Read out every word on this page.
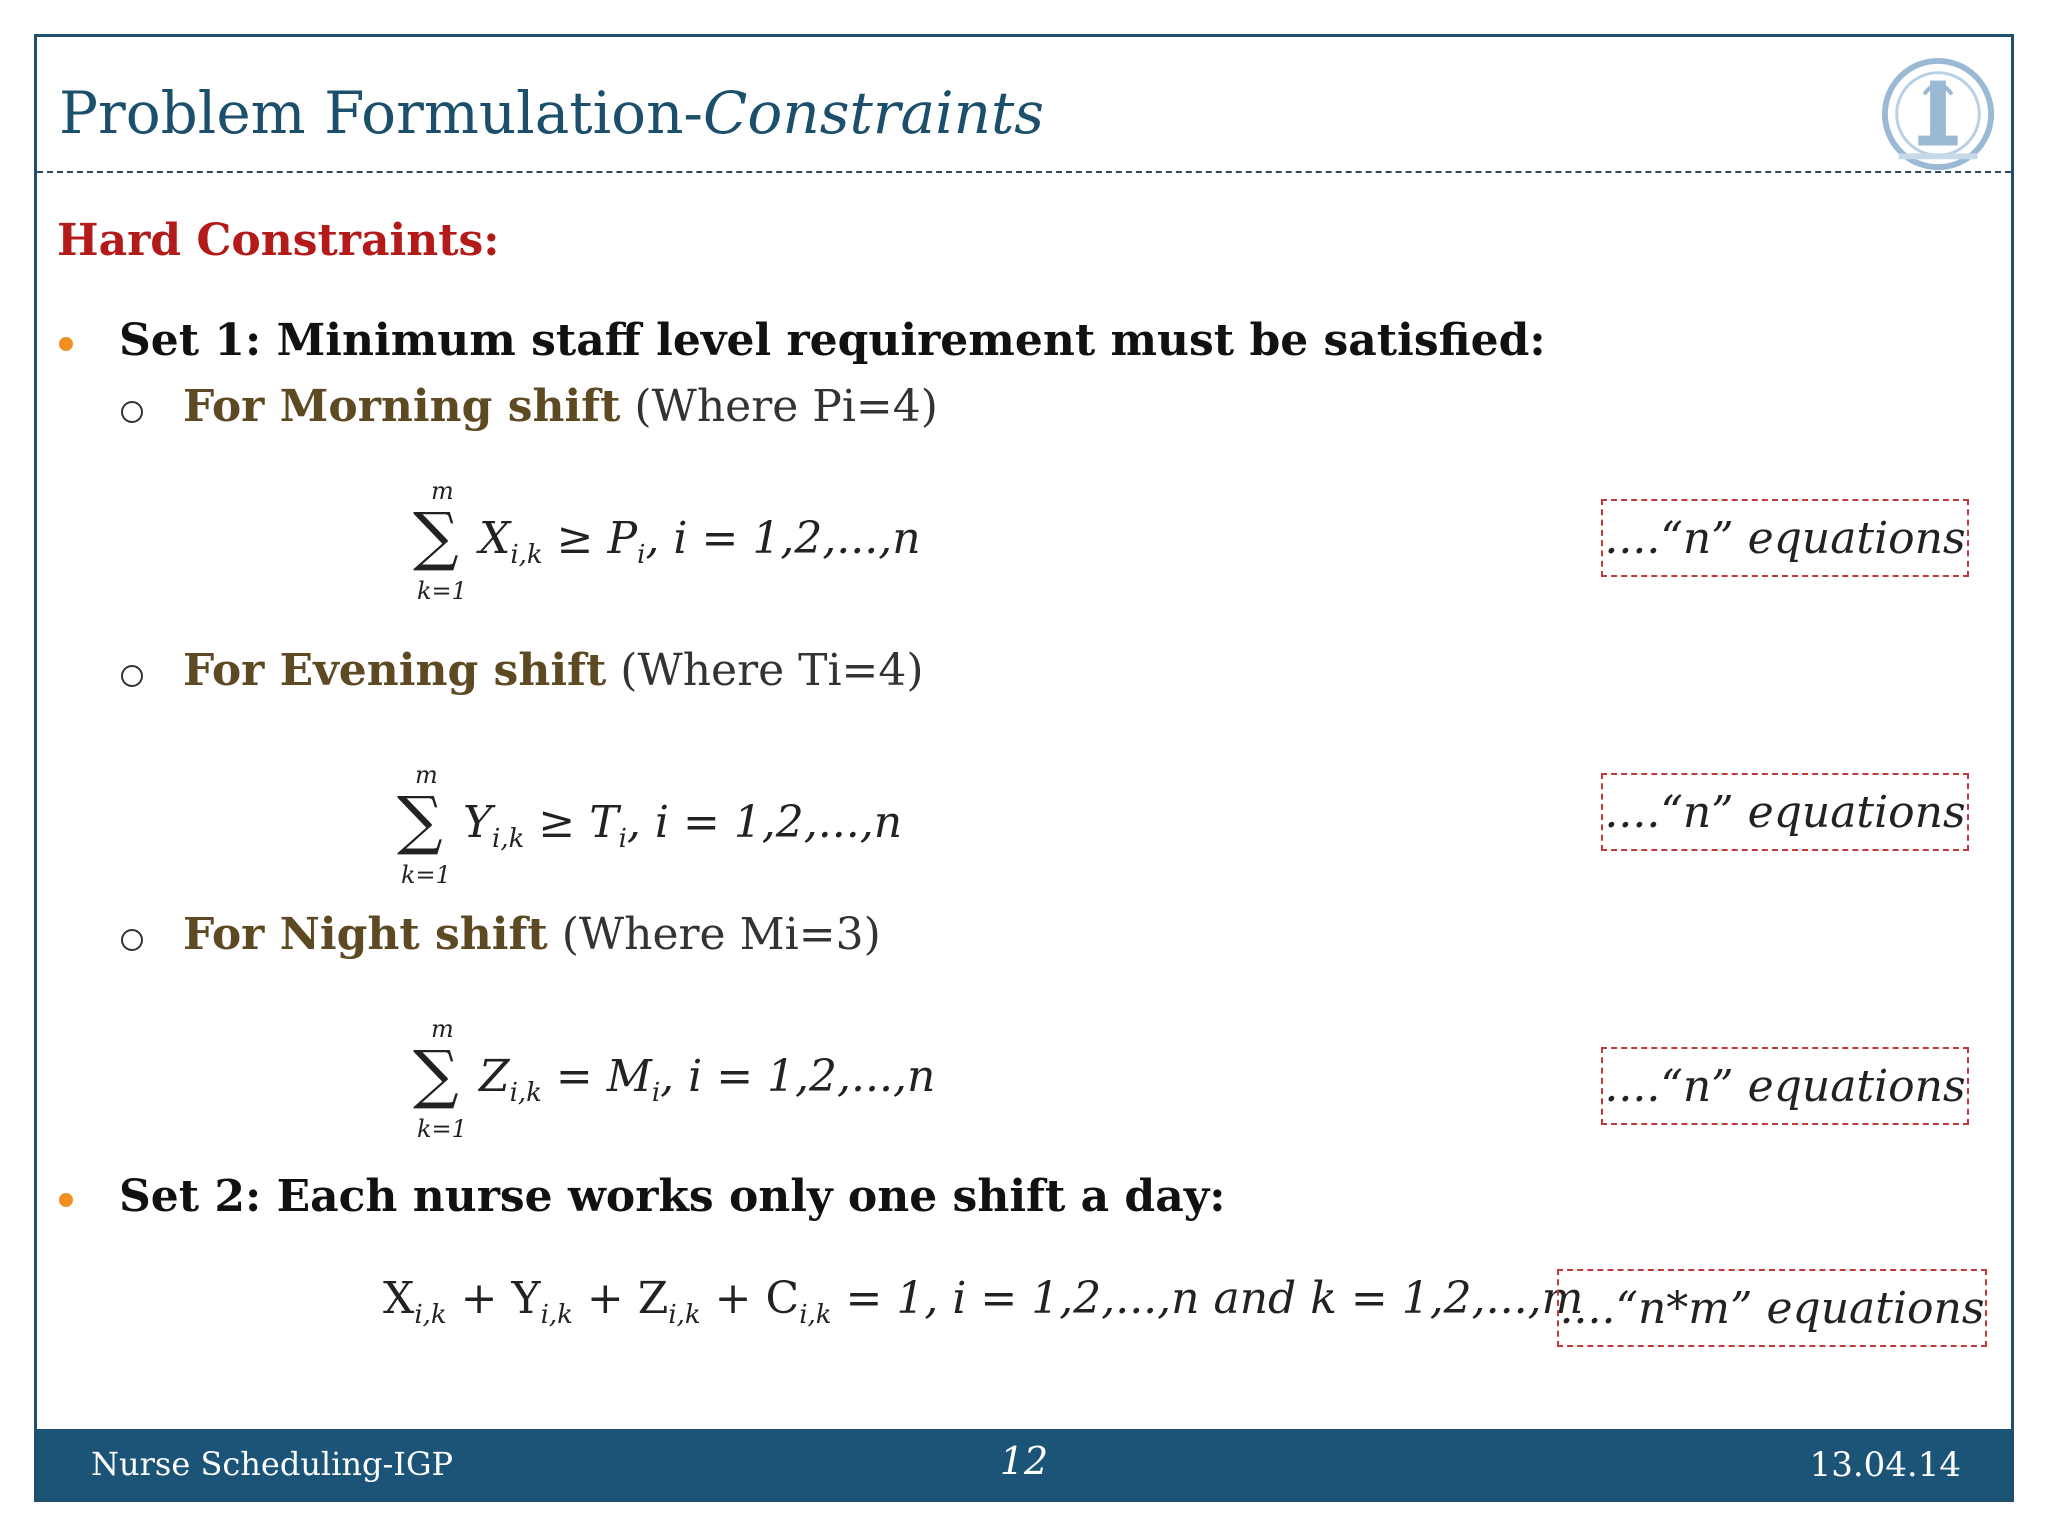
Problem Formulation-Constraints
Hard Constraints:
Set 1: Minimum staff level requirement must be satisfied:
For Morning shift (Where Pi=4)
m
∑
k=1
$X_{i,k} \ge P_i$, i = 1,2,...,n	....“n” equations
For Evening shift (Where Ti=4)
m
∑
k=1
$Y_{i,k} \ge T_i$, i = 1,2,...,n	....“n” equations
For Night shift (Where Mi=3)
m
∑
k=1
$Z_{i,k} = M_i$, i = 1,2,...,n	....“n” equations
Set 2: Each nurse works only one shift a day:
$X_{i,k} + Y_{i,k} + Z_{i,k} + C_{i,k} = 1$, i = 1,2,...,n and k = 1,2,...,m
....“n*m” equations
Nurse Scheduling-IGP	12	13.04.14
